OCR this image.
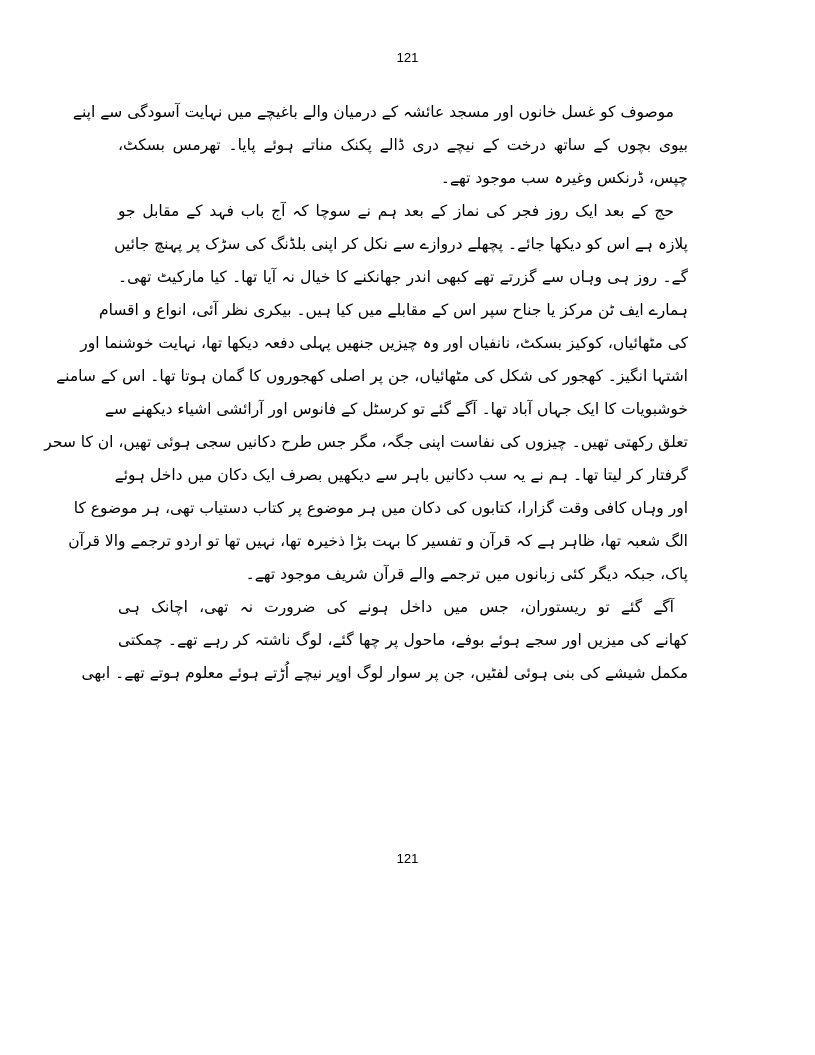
121
موصوف کو غسل خانوں اور مسجد عائشہ کے درمیان والے باغیچے میں نہایت آسودگی سے اپنے
بیوی بچوں کے ساتھ درخت کے نیچے دری ڈالے پکنک مناتے ہوئے پایا۔ تھرمس بسکٹ،
چپس، ڈرنکس وغیرہ سب موجود تھے۔
حج کے بعد ایک روز فجر کی نماز کے بعد ہم نے سوچا کہ آج باب فہد کے مقابل جو
پلازہ ہے اس کو دیکھا جائے۔ پچھلے دروازے سے نکل کر اپنی بلڈنگ کی سڑک پر پہنچ جائیں
گے۔ روز ہی وہاں سے گزرتے تھے کبھی اندر جھانکنے کا خیال نہ آیا تھا۔ کیا مارکیٹ تھی۔
ہمارے ایف ٹن مرکز یا جناح سپر اس کے مقابلے میں کیا ہیں۔ بیکری نظر آئی، انواع و اقسام
کی مٹھائیاں، کوکیز بسکٹ، نانفیاں اور وہ چیزیں جنھیں پہلی دفعہ دیکھا تھا، نہایت خوشنما اور
اشتہا انگیز۔ کھجور کی شکل کی مٹھائیاں، جن پر اصلی کھجوروں کا گمان ہوتا تھا۔ اس کے سامنے
خوشبویات کا ایک جہاں آباد تھا۔ آگے گئے تو کرسٹل کے فانوس اور آرائشی اشیاء دیکھنے سے
تعلق رکھتی تھیں۔ چیزوں کی نفاست اپنی جگہ، مگر جس طرح دکانیں سجی ہوئی تھیں، ان کا سحر
گرفتار کر لیتا تھا۔ ہم نے یہ سب دکانیں باہر سے دیکھیں بصرف ایک دکان میں داخل ہوئے
اور وہاں کافی وقت گزارا، کتابوں کی دکان میں ہر موضوع پر کتاب دستیاب تھی، ہر موضوع کا
الگ شعبہ تھا، ظاہر ہے کہ قرآن و تفسیر کا بہت بڑا ذخیرہ تھا، نہیں تھا تو اردو ترجمے والا قرآن
پاک، جبکہ دیگر کئی زبانوں میں ترجمے والے قرآن شریف موجود تھے۔
آگے گئے تو ریستوران، جس میں داخل ہونے کی ضرورت نہ تھی، اچانک ہی
کھانے کی میزیں اور سجے ہوئے بوفے، ماحول پر چھا گئے، لوگ ناشتہ کر رہے تھے۔ چمکتی
مکمل شیشے کی بنی ہوئی لفٹیں، جن پر سوار لوگ اوپر نیچے اُڑتے ہوئے معلوم ہوتے تھے۔ ابھی
121
